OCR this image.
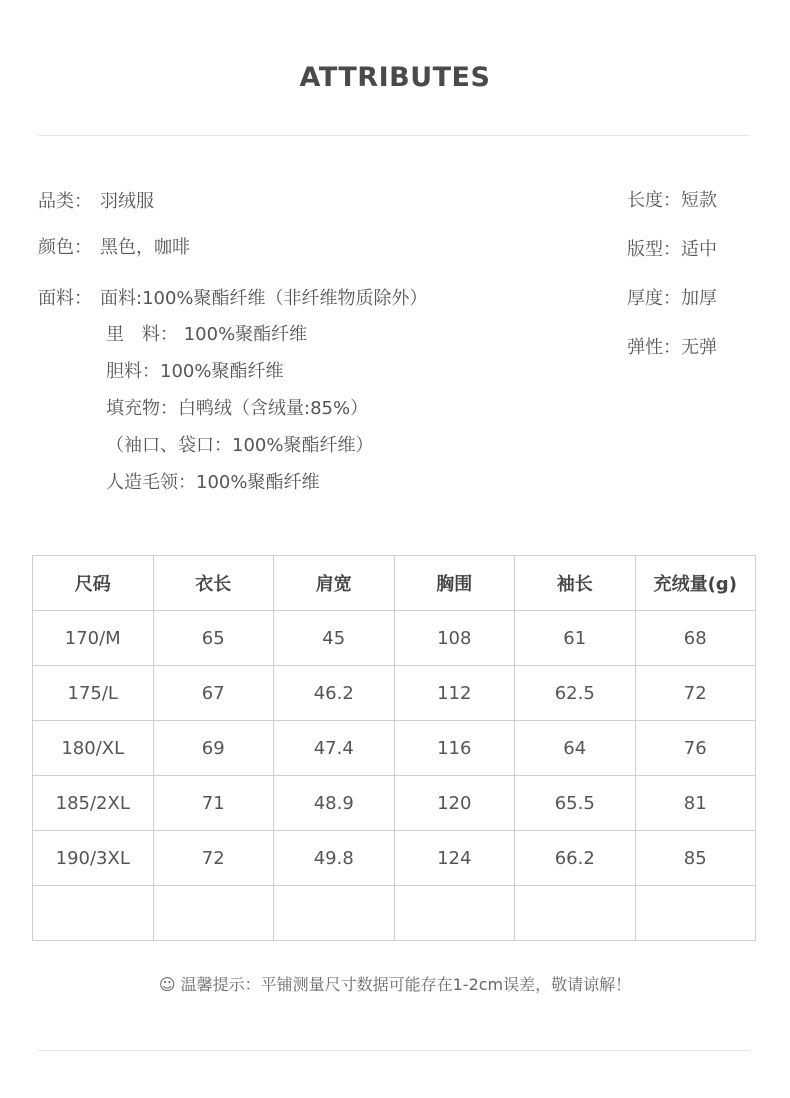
ATTRIBUTES
品类： 羽绒服
颜色： 黑色，咖啡
面料： 面料:100%聚酯纤维（非纤维物质除外）
里　料： 100%聚酯纤维
胆料：100%聚酯纤维
填充物：白鸭绒（含绒量:85%）
（袖口、袋口：100%聚酯纤维）
人造毛领：100%聚酯纤维
长度：短款
版型：适中
厚度：加厚
弹性：无弹
尺码	衣长	肩宽	胸围	袖长	充绒量(g)
170/M	65	45	108	61	68
175/L	67	46.2	112	62.5	72
180/XL	69	47.4	116	64	76
185/2XL	71	48.9	120	65.5	81
190/3XL	72	49.8	124	66.2	85

☺ 温馨提示：平铺测量尺寸数据可能存在1-2cm误差，敬请谅解！
